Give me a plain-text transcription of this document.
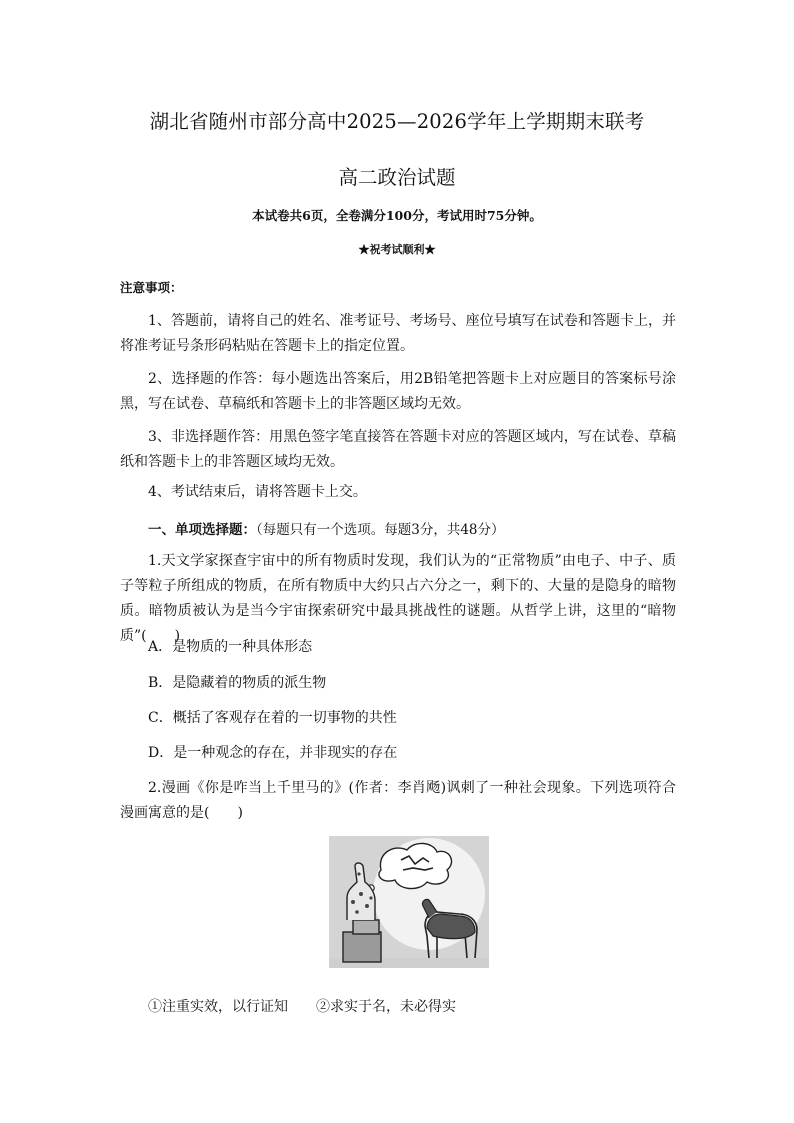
湖北省随州市部分高中2025—2026学年上学期期末联考
高二政治试题
本试卷共6页，全卷满分100分，考试用时75分钟。
★祝考试顺利★
注意事项：
1、答题前，请将自己的姓名、准考证号、考场号、座位号填写在试卷和答题卡上，并将准考证号条形码粘贴在答题卡上的指定位置。
2、选择题的作答：每小题选出答案后，用2B铅笔把答题卡上对应题目的答案标号涂黑，写在试卷、草稿纸和答题卡上的非答题区域均无效。
3、非选择题作答：用黑色签字笔直接答在答题卡对应的答题区域内，写在试卷、草稿纸和答题卡上的非答题区域均无效。
4、考试结束后，请将答题卡上交。
一、单项选择题：（每题只有一个选项。每题3分，共48分）
1.天文学家探查宇宙中的所有物质时发现，我们认为的“正常物质”由电子、中子、质子等粒子所组成的物质，在所有物质中大约只占六分之一，剩下的、大量的是隐身的暗物质。暗物质被认为是当今宇宙探索研究中最具挑战性的谜题。从哲学上讲，这里的“暗物质”(　　)
A．是物质的一种具体形态
B．是隐藏着的物质的派生物
C．概括了客观存在着的一切事物的共性
D．是一种观念的存在，并非现实的存在
2.漫画《你是咋当上千里马的》(作者：李肖飏)讽刺了一种社会现象。下列选项符合漫画寓意的是(　　)
①注重实效，以行证知　　②求实于名，未必得实
